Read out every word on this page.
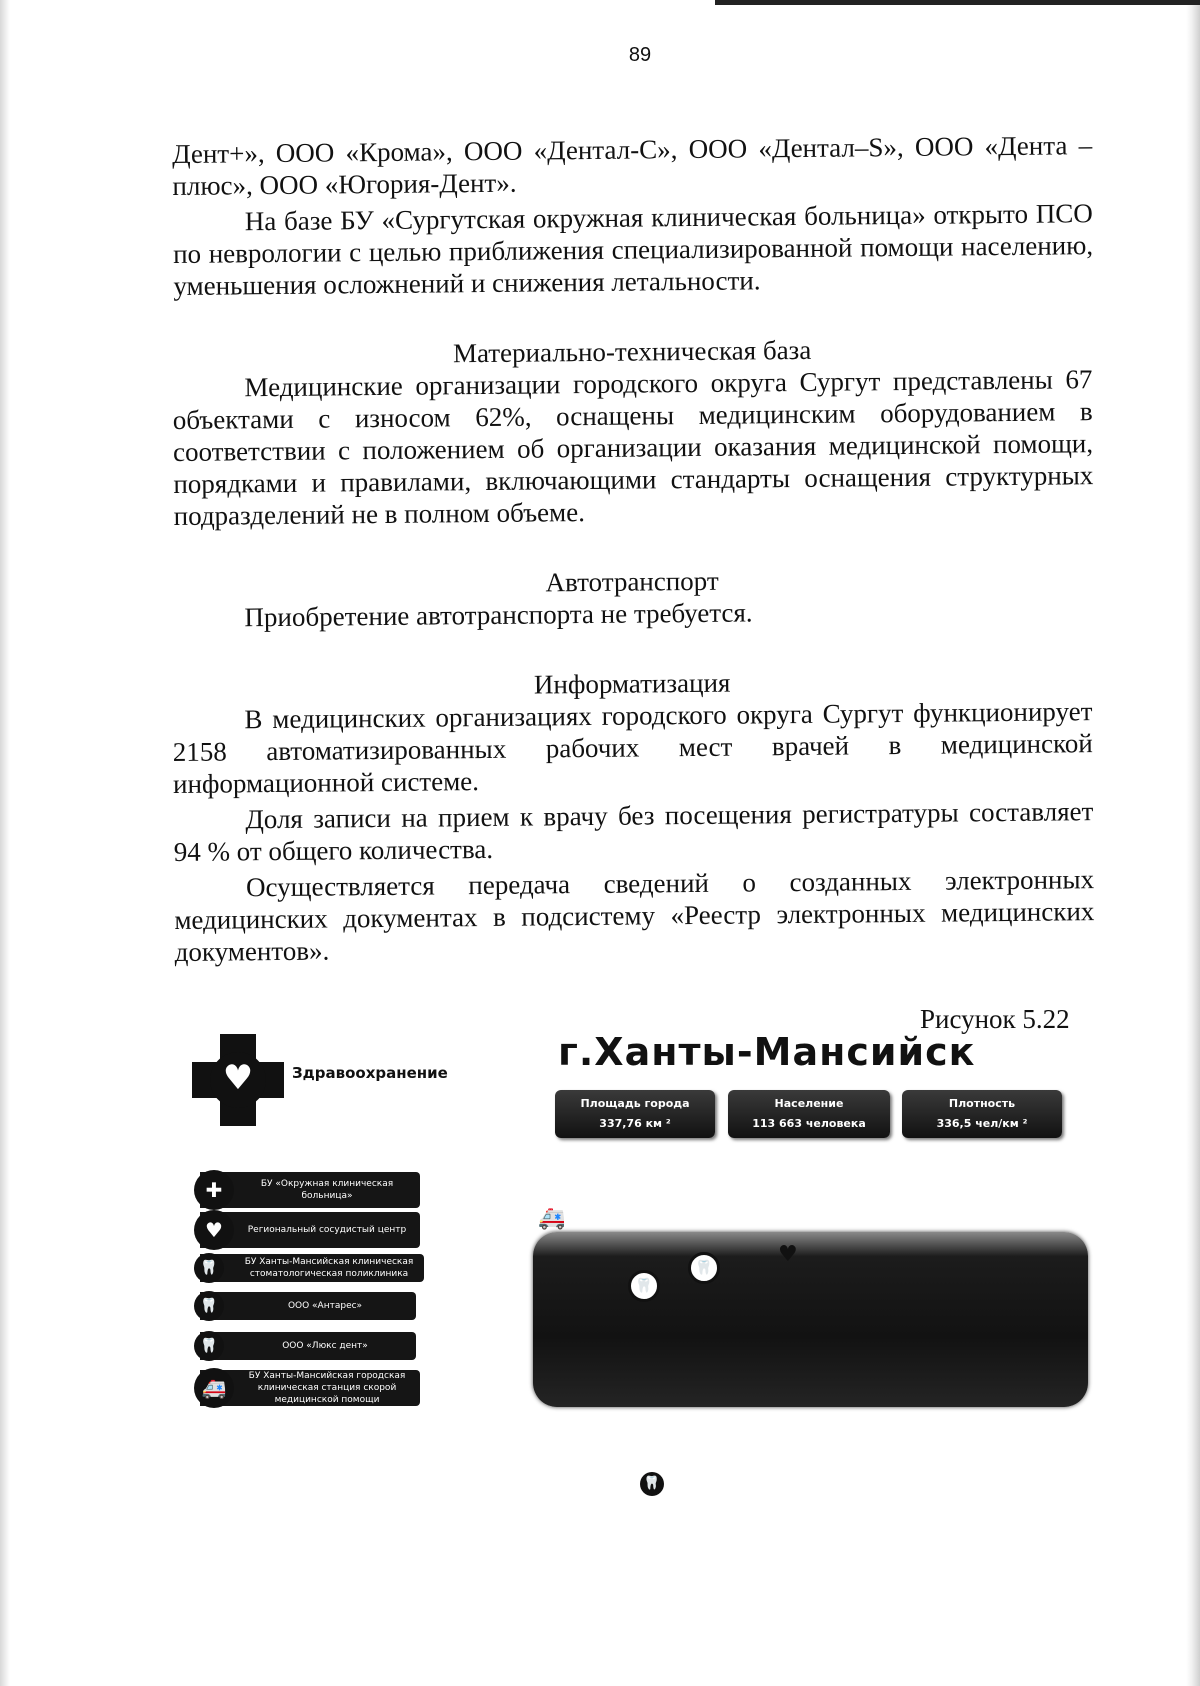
89

Дент+», ООО «Крома», ООО «Дентал-С», ООО «Дентал–S», ООО «Дента –плюс», ООО «Югория-Дент».

На базе БУ «Сургутская окружная клиническая больница» открыто ПСО по неврологии с целью приближения специализированной помощи населению, уменьшения осложнений и снижения летальности.

Материально-техническая база

Медицинские организации городского округа Сургут представлены 67 объектами с износом 62%, оснащены медицинским оборудованием в соответствии с положением об организации оказания медицинской помощи, порядками и правилами, включающими стандарты оснащения структурных подразделений не в полном объеме.

Автотранспорт

Приобретение автотранспорта не требуется.

Информатизация

В медицинских организациях городского округа Сургут функционирует 2158 автоматизированных рабочих мест врачей в медицинской информационной системе.

Доля записи на прием к врачу без посещения регистратуры составляет 94 % от общего количества.

Осуществляется передача сведений о созданных электронных медицинских документах в подсистему «Реестр электронных медицинских документов».

Рисунок 5.22
♥	Здравоохранение	г.Ханты-Мансийск
Площадь города
337,76 км ²
Население
113 663 человека
Плотность
336,5 чел/км ²
✚	БУ «Окружная клиническая больница»
♥	Региональный сосудистый центр
🦷	БУ Ханты-Мансийская клиническая стоматологическая поликлиника
🦷	ООО «Антарес»
🦷	ООО «Люкс дент»
🚑	БУ Ханты-Мансийская городская клиническая станция скорой медицинской помощи
🚑
🦷
🦷
♥
🦷
